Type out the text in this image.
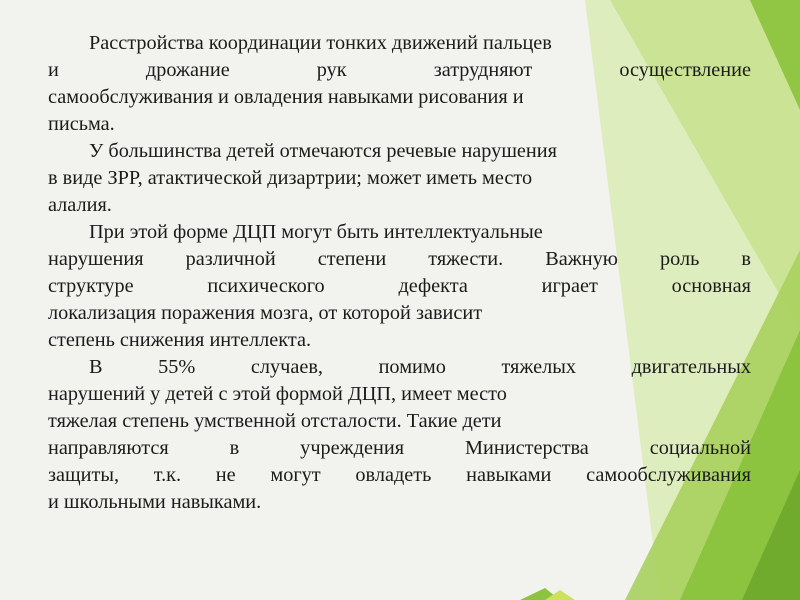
Расстройства координации тонких движений пальцев
и дрожание рук затрудняют осуществление
самообслуживания и овладения навыками рисования и
письма.
У большинства детей отмечаются речевые нарушения
в виде ЗРР, атактической дизартрии; может иметь место
алалия.
При этой форме ДЦП могут быть интеллектуальные
нарушения различной степени тяжести. Важную роль в
структуре психического дефекта играет основная
локализация поражения мозга, от которой зависит
степень снижения интеллекта.
В 55% случаев, помимо тяжелых двигательных
нарушений у детей с этой формой ДЦП, имеет место
тяжелая степень умственной отсталости. Такие дети
направляются в учреждения Министерства социальной
защиты, т.к. не могут овладеть навыками самообслуживания
и школьными навыками.
